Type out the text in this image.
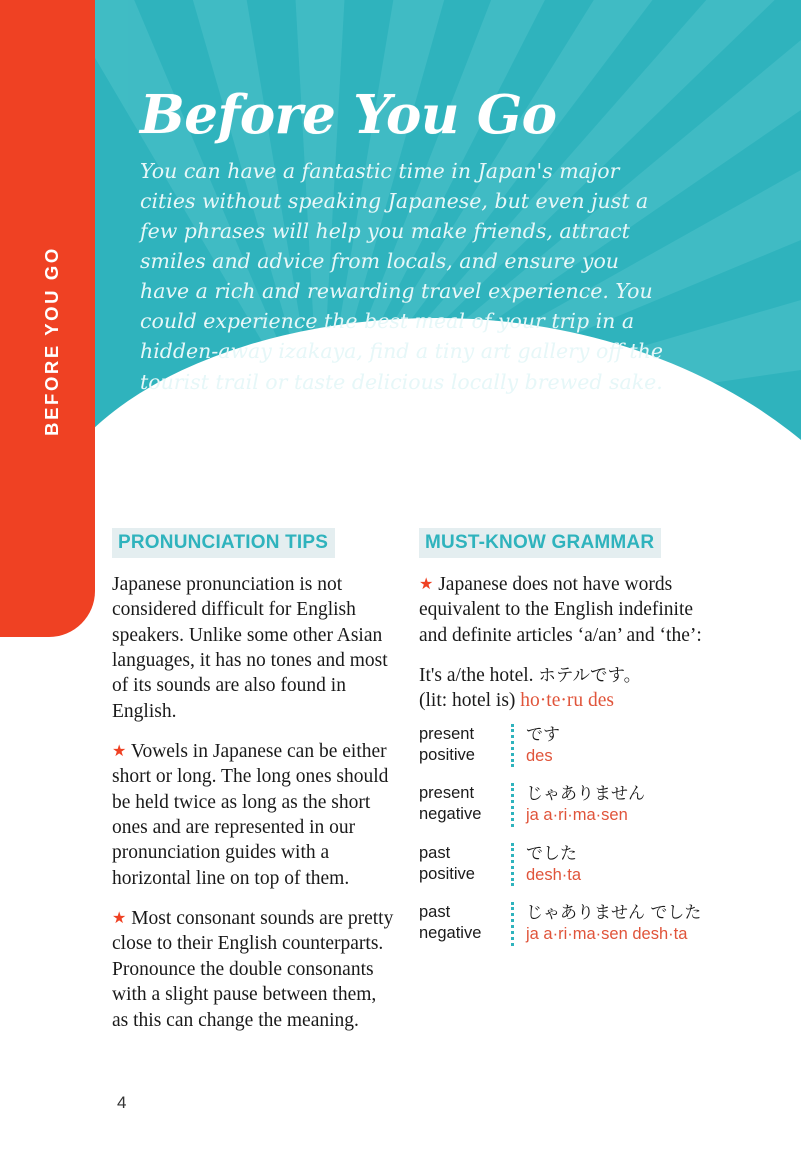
BEFORE YOU GO
Before You Go

You can have a fantastic time in Japan's major cities without speaking Japanese, but even just a few phrases will help you make friends, attract smiles and advice from locals, and ensure you have a rich and rewarding travel experience. You could experience the best meal of your trip in a hidden-away izakaya, find a tiny art gallery off the tourist trail or taste delicious locally brewed sake.

PRONUNCIATION TIPS

Japanese pronunciation is not considered difficult for English speakers. Unlike some other Asian languages, it has no tones and most of its sounds are also found in English.

★ Vowels in Japanese can be either short or long. The long ones should be held twice as long as the short ones and are represented in our pronunciation guides with a horizontal line on top of them.

★ Most consonant sounds are pretty close to their English counterparts. Pronounce the double consonants with a slight pause between them, as this can change the meaning.

MUST-KNOW GRAMMAR

★ Japanese does not have words equivalent to the English indefinite and definite articles ‘a/an’ and ‘the’:

It's a/the hotel. ホテルです。
(lit: hotel is) ho·te·ru des

present positive
です
des
present negative
じゃありません
ja a·ri·ma·sen
past positive
でした
desh·ta
past negative
じゃありません でした
ja a·ri·ma·sen desh·ta
4
